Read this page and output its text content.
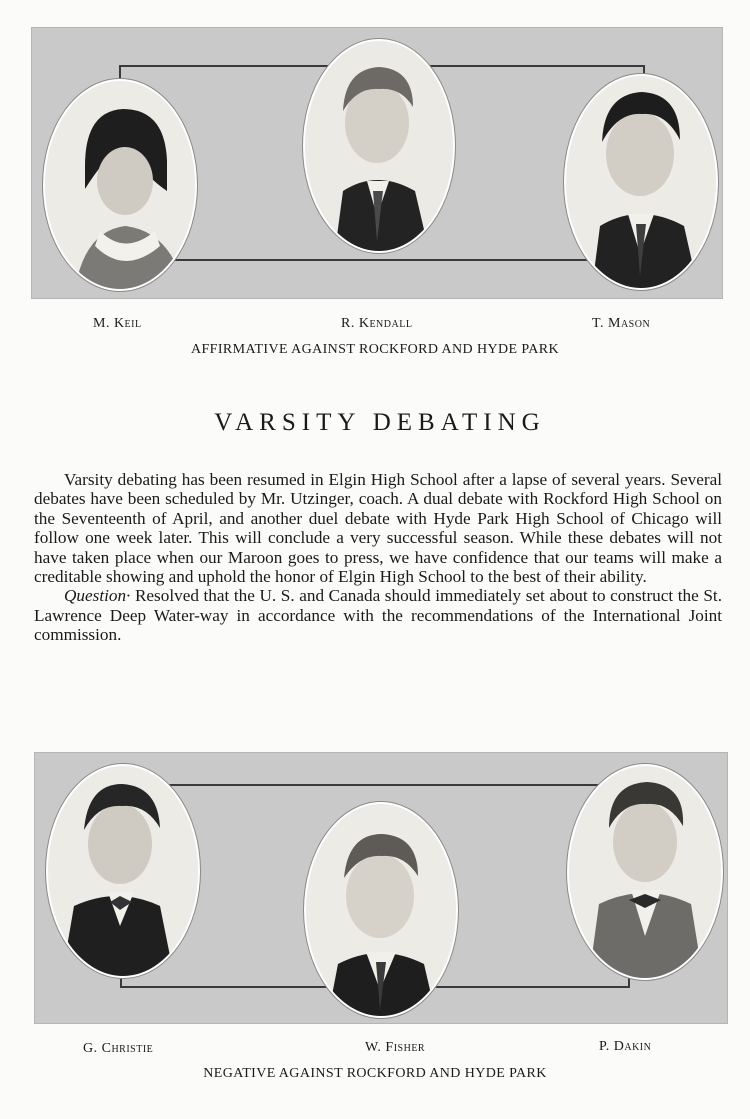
M. Keil	R. Kendall	T. Mason
AFFIRMATIVE AGAINST ROCKFORD AND HYDE PARK
VARSITY DEBATING

Varsity debating has been resumed in Elgin High School after a lapse of several years. Several debates have been scheduled by Mr. Utzinger, coach. A dual debate with Rockford High School on the Seventeenth of April, and another duel debate with Hyde Park High School of Chicago will follow one week later. This will conclude a very successful season. While these debates will not have taken place when our Maroon goes to press, we have confidence that our teams will make a creditable showing and uphold the honor of Elgin High School to the best of their ability.

Question· Resolved that the U. S. and Canada should immediately set about to construct the St. Lawrence Deep Water-way in accordance with the recommendations of the International Joint commission.

G. Christie	W. Fisher	P. Dakin
NEGATIVE AGAINST ROCKFORD AND HYDE PARK
